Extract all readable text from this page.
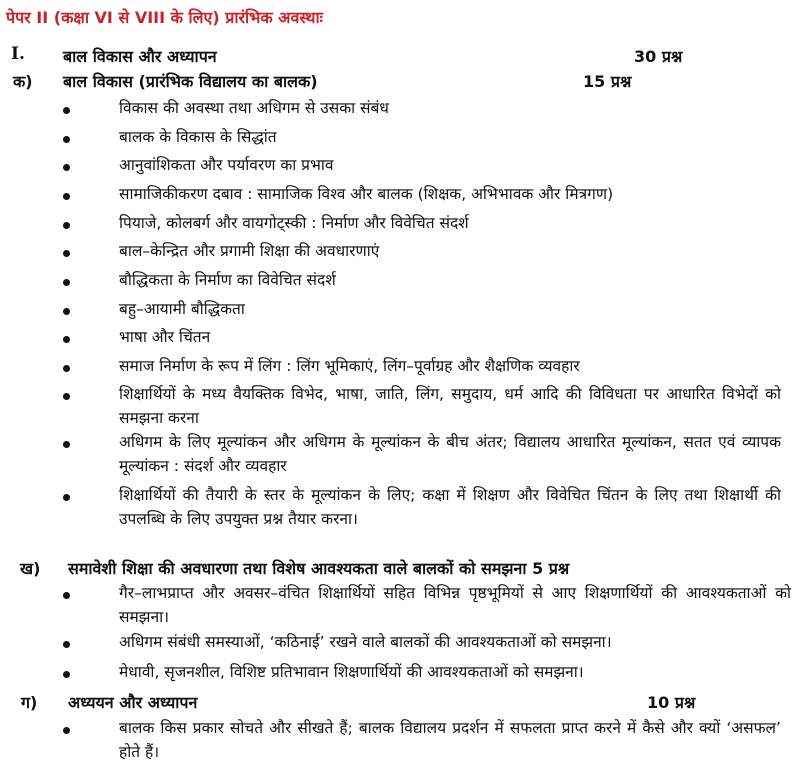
पेपर II (कक्षा VI से VIII के लिए) प्रारंभिक अवस्थाः
I. बाल विकास और अध्यापन	30 प्रश्न
क) बाल विकास (प्रारंभिक विद्यालय का बालक)	15 प्रश्न
विकास की अवस्था तथा अधिगम से उसका संबंध
बालक के विकास के सिद्धांत
आनुवांशिकता और पर्यावरण का प्रभाव
सामाजिकीकरण दबाव : सामाजिक विश्व और बालक (शिक्षक, अभिभावक और मित्रगण)
पियाजे, कोलबर्ग और वायगोट्स्की : निर्माण और विवेचित संदर्श
बाल–केन्द्रित और प्रगामी शिक्षा की अवधारणाएं
बौद्धिकता के निर्माण का विवेचित संदर्श
बहु–आयामी बौद्धिकता
भाषा और चिंतन
समाज निर्माण के रूप में लिंग : लिंग भूमिकाएं, लिंग–पूर्वाग्रह और शैक्षणिक व्यवहार
शिक्षार्थियों के मध्य वैयक्तिक विभेद, भाषा, जाति, लिंग, समुदाय, धर्म आदि की विविधता पर आधारित विभेदों को समझना करना
अधिगम के लिए मूल्यांकन और अधिगम के मूल्यांकन के बीच अंतर; विद्यालय आधारित मूल्यांकन, सतत एवं व्यापक मूल्यांकन : संदर्श और व्यवहार
शिक्षार्थियों की तैयारी के स्तर के मूल्यांकन के लिए; कक्षा में शिक्षण और विवेचित चिंतन के लिए तथा शिक्षार्थी की उपलब्धि के लिए उपयुक्त प्रश्न तैयार करना।
ख) समावेशी शिक्षा की अवधारणा तथा विशेष आवश्यकता वाले बालकों को समझना 5 प्रश्न
गैर–लाभप्राप्त और अवसर–वंचित शिक्षार्थियों सहित विभिन्न पृष्ठभूमियों से आए शिक्षणार्थियों की आवश्यकताओं को समझना।
अधिगम संबंधी समस्याओं, ‘कठिनाई’ रखने वाले बालकों की आवश्यकताओं को समझना।
मेधावी, सृजनशील, विशिष्ट प्रतिभावान शिक्षणार्थियों की आवश्यकताओं को समझना।
ग) अध्ययन और अध्यापन	10 प्रश्न
बालक किस प्रकार सोचते और सीखते हैं; बालक विद्यालय प्रदर्शन में सफलता प्राप्त करने में कैसे और क्यों ‘असफल’ होते हैं।
